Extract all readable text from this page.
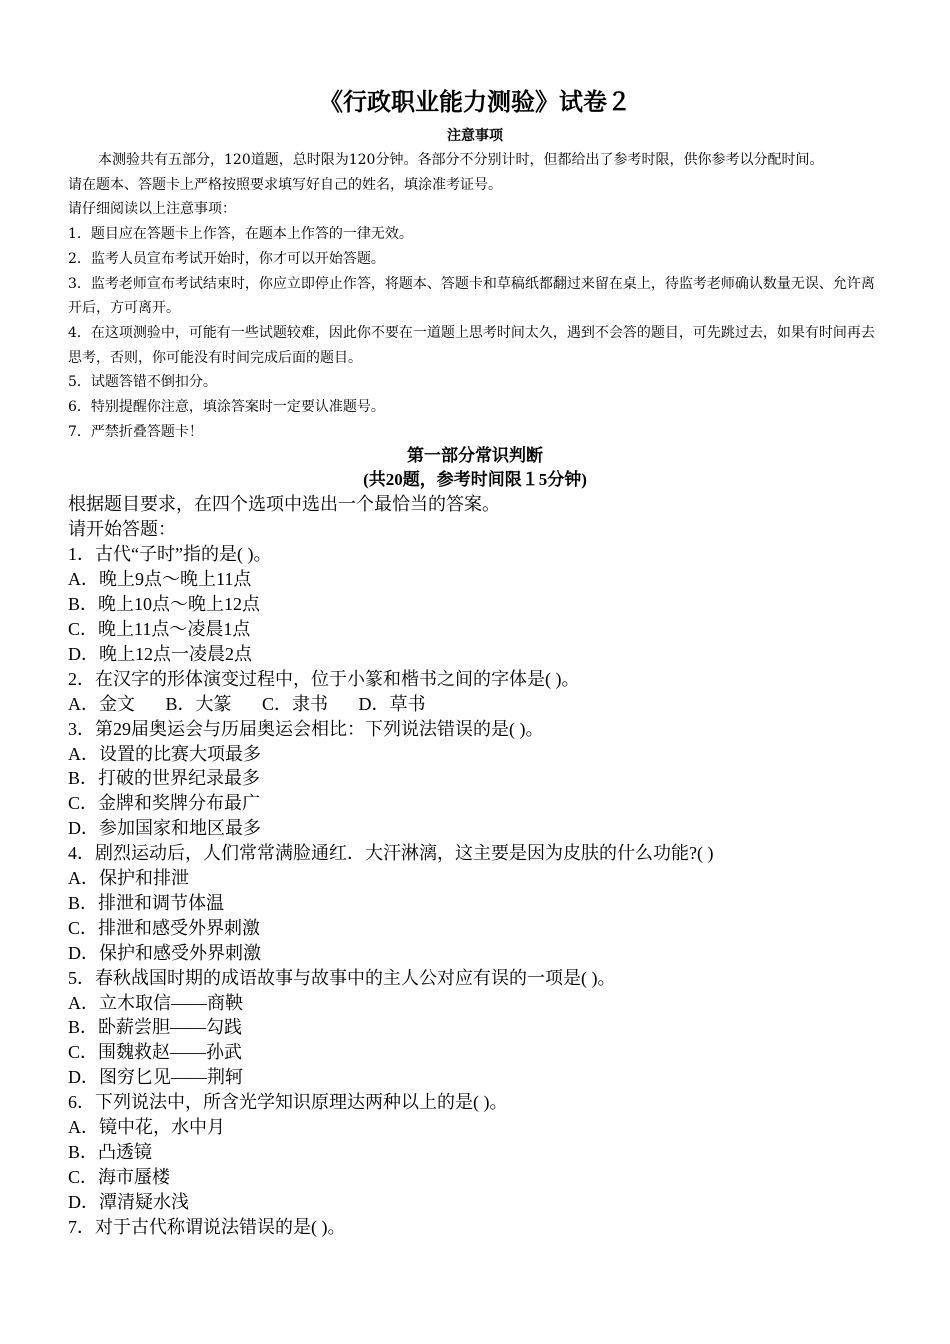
《行政职业能力测验》试卷２
注意事项
本测验共有五部分，120道题，总时限为120分钟。各部分不分别计时，但都给出了参考时限，供你参考以分配时间。
请在题本、答题卡上严格按照要求填写好自己的姓名，填涂准考证号。
请仔细阅读以上注意事项：
1．题目应在答题卡上作答，在题本上作答的一律无效。
2．监考人员宣布考试开始时，你才可以开始答题。
3．监考老师宣布考试结束时，你应立即停止作答，将题本、答题卡和草稿纸都翻过来留在桌上，待监考老师确认数量无误、允许离开后，方可离开。
4．在这项测验中，可能有一些试题较难，因此你不要在一道题上思考时间太久，遇到不会答的题目，可先跳过去，如果有时间再去思考，否则，你可能没有时间完成后面的题目。
5．试题答错不倒扣分。
6．特别提醒你注意，填涂答案时一定要认准题号。
7．严禁折叠答题卡！
第一部分常识判断
(共20题，参考时间限１5分钟)
根据题目要求，在四个选项中选出一个最恰当的答案。
请开始答题：
1．古代“子时”指的是( )。
A．晚上9点～晚上11点
B．晚上10点～晚上12点
C．晚上11点～凌晨1点
D．晚上12点一凌晨2点
2．在汉字的形体演变过程中，位于小篆和楷书之间的字体是( )。
A．金文 B．大篆 C．隶书 D．草书
3．第29届奥运会与历届奥运会相比：下列说法错误的是( )。
A．设置的比赛大项最多
B．打破的世界纪录最多
C．金牌和奖牌分布最广
D．参加国家和地区最多
4．剧烈运动后，人们常常满脸通红．大汗淋漓，这主要是因为皮肤的什么功能?( )
A．保护和排泄
B．排泄和调节体温
C．排泄和感受外界刺激
D．保护和感受外界刺激
5．春秋战国时期的成语故事与故事中的主人公对应有误的一项是( )。
A．立木取信——商鞅
B．卧薪尝胆——勾践
C．围魏救赵——孙武
D．图穷匕见——荆轲
6．下列说法中，所含光学知识原理达两种以上的是( )。
A．镜中花，水中月
B．凸透镜
C．海市蜃楼
D．潭清疑水浅
7．对于古代称谓说法错误的是( )。
